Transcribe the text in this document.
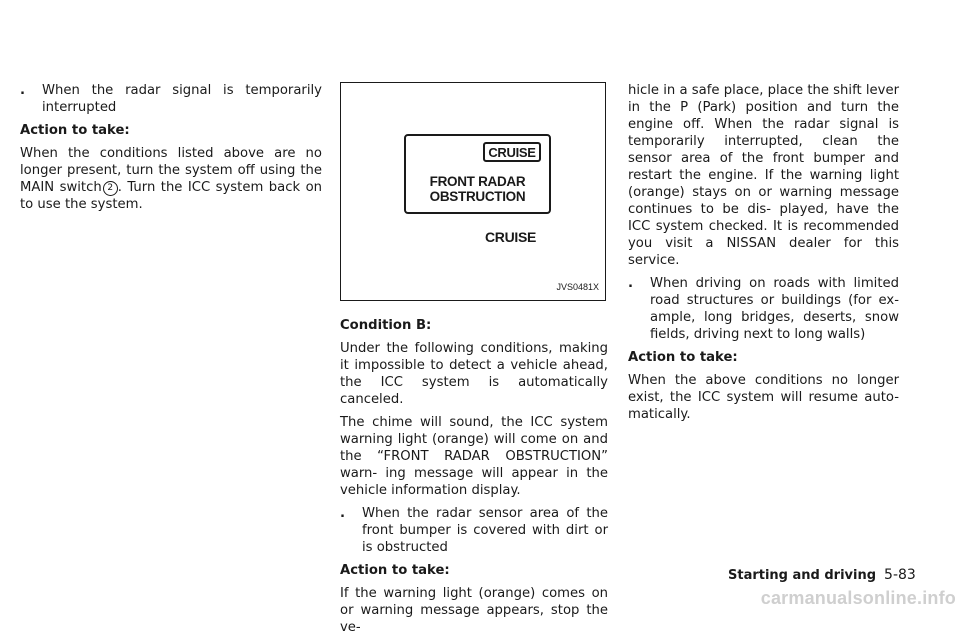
.	When the radar signal is temporarily interrupted

Action to take:

When the conditions listed above are no longer present, turn the system off using the MAIN switch 2 . Turn the ICC system back on to use the system.

CRUISE
FRONT RADAR
OBSTRUCTION
CRUISE
JVS0481X

Condition B:

Under the following conditions, making it impossible to detect a vehicle ahead, the ICC system is automatically canceled.

The chime will sound, the ICC system warning light (orange) will come on and the “FRONT RADAR OBSTRUCTION” warn- ing message will appear in the vehicle information display.

.	When the radar sensor area of the front bumper is covered with dirt or is obstructed

Action to take:

If the warning light (orange) comes on or warning message appears, stop the ve-

hicle in a safe place, place the shift lever in the P (Park) position and turn the engine off. When the radar signal is temporarily interrupted, clean the sensor area of the front bumper and restart the engine. If the warning light (orange) stays on or warning message continues to be dis- played, have the ICC system checked. It is recommended you visit a NISSAN dealer for this service.

.	When driving on roads with limited road structures or buildings (for ex- ample, long bridges, deserts, snow fields, driving next to long walls)

Action to take:

When the above conditions no longer exist, the ICC system will resume auto- matically.

Starting and driving 5-83
carmanualsonline.info
